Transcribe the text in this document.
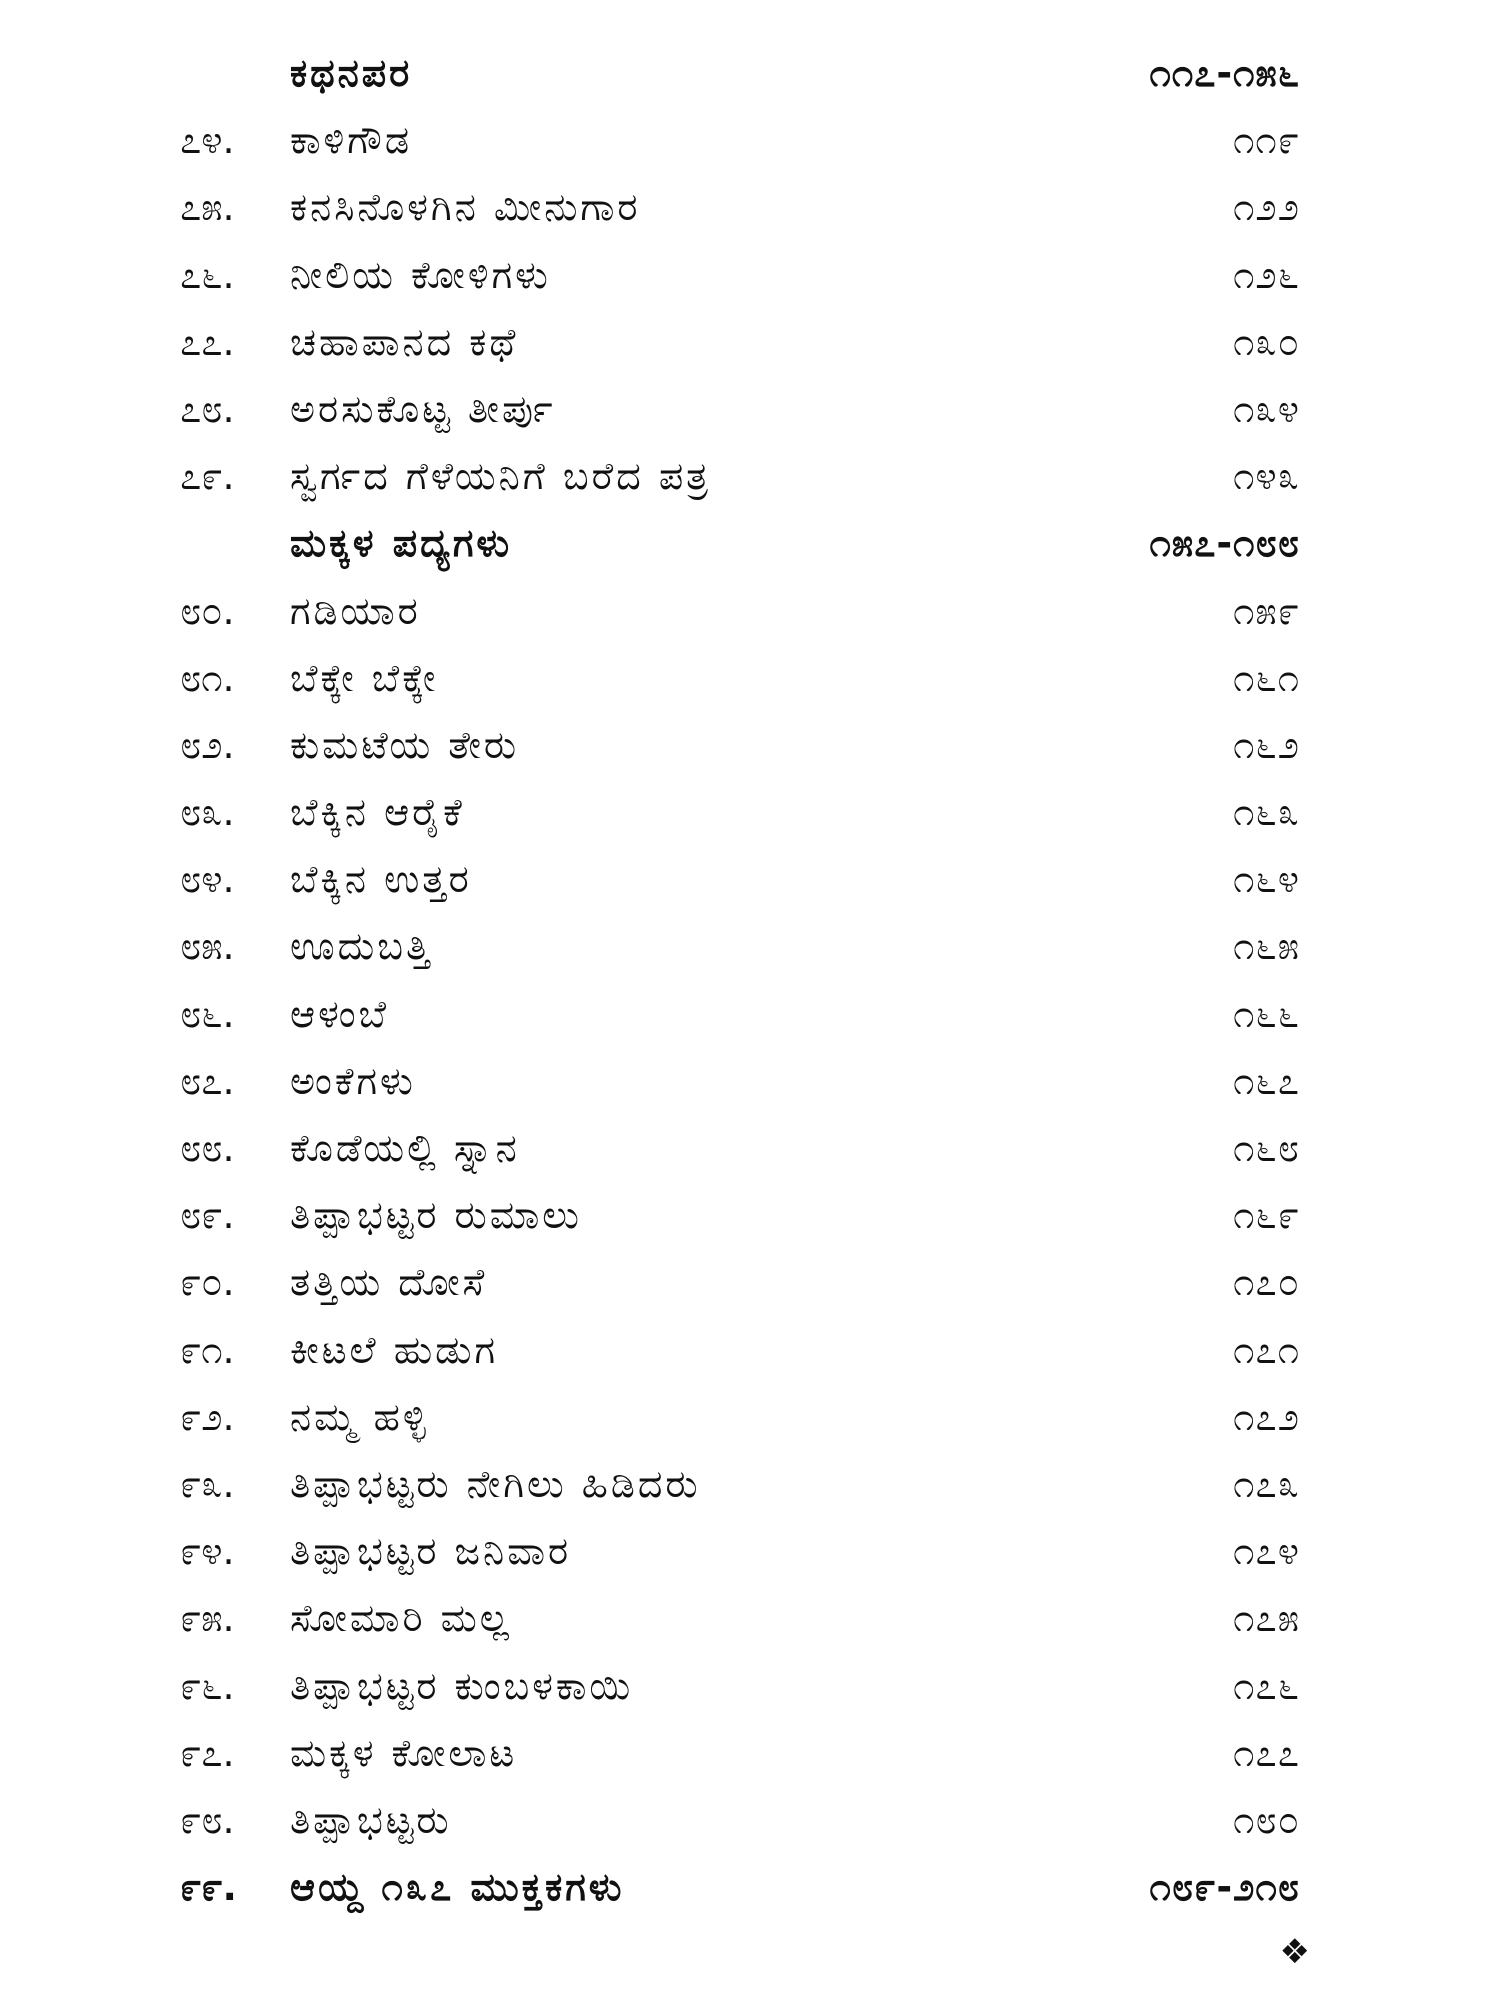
ಕಥನಪರ	೧೧೭-೧೫೬
೭೪.	ಕಾಳಿಗೌಡ	೧೧೯
೭೫.	ಕನಸಿನೊಳಗಿನ ಮೀನುಗಾರ	೧೨೨
೭೬.	ನೀಲಿಯ ಕೋಳಿಗಳು	೧೨೬
೭೭.	ಚಹಾಪಾನದ ಕಥೆ	೧೩೦
೭೮.	ಅರಸುಕೊಟ್ಟ ತೀರ್ಪು	೧೩೪
೭೯.	ಸ್ವರ್ಗದ ಗೆಳೆಯನಿಗೆ ಬರೆದ ಪತ್ರ	೧೪೩
ಮಕ್ಕಳ ಪದ್ಯಗಳು	೧೫೭-೧೮೮
೮೦.	ಗಡಿಯಾರ	೧೫೯
೮೧.	ಬೆಕ್ಕೇ ಬೆಕ್ಕೇ	೧೬೧
೮೨.	ಕುಮಟೆಯ ತೇರು	೧೬೨
೮೩.	ಬೆಕ್ಕಿನ ಆರೈಕೆ	೧೬೩
೮೪.	ಬೆಕ್ಕಿನ ಉತ್ತರ	೧೬೪
೮೫.	ಊದುಬತ್ತಿ	೧೬೫
೮೬.	ಆಳಂಬೆ	೧೬೬
೮೭.	ಅಂಕೆಗಳು	೧೬೭
೮೮.	ಕೊಡೆಯಲ್ಲಿ ಸ್ನಾನ	೧೬೮
೮೯.	ತಿಪ್ಪಾಭಟ್ಟರ ರುಮಾಲು	೧೬೯
೯೦.	ತತ್ತಿಯ ದೋಸೆ	೧೭೦
೯೧.	ಕೀಟಲೆ ಹುಡುಗ	೧೭೧
೯೨.	ನಮ್ಮ ಹಳ್ಳಿ	೧೭೨
೯೩.	ತಿಪ್ಪಾಭಟ್ಟರು ನೇಗಿಲು ಹಿಡಿದರು	೧೭೩
೯೪.	ತಿಪ್ಪಾಭಟ್ಟರ ಜನಿವಾರ	೧೭೪
೯೫.	ಸೋಮಾರಿ ಮಲ್ಲ	೧೭೫
೯೬.	ತಿಪ್ಪಾಭಟ್ಟರ ಕುಂಬಳಕಾಯಿ	೧೭೬
೯೭.	ಮಕ್ಕಳ ಕೋಲಾಟ	೧೭೭
೯೮.	ತಿಪ್ಪಾಭಟ್ಟರು	೧೮೦
೯೯.	ಆಯ್ದ ೧೩೭ ಮುಕ್ತಕಗಳು	೧೮೯-೨೧೮
❖
